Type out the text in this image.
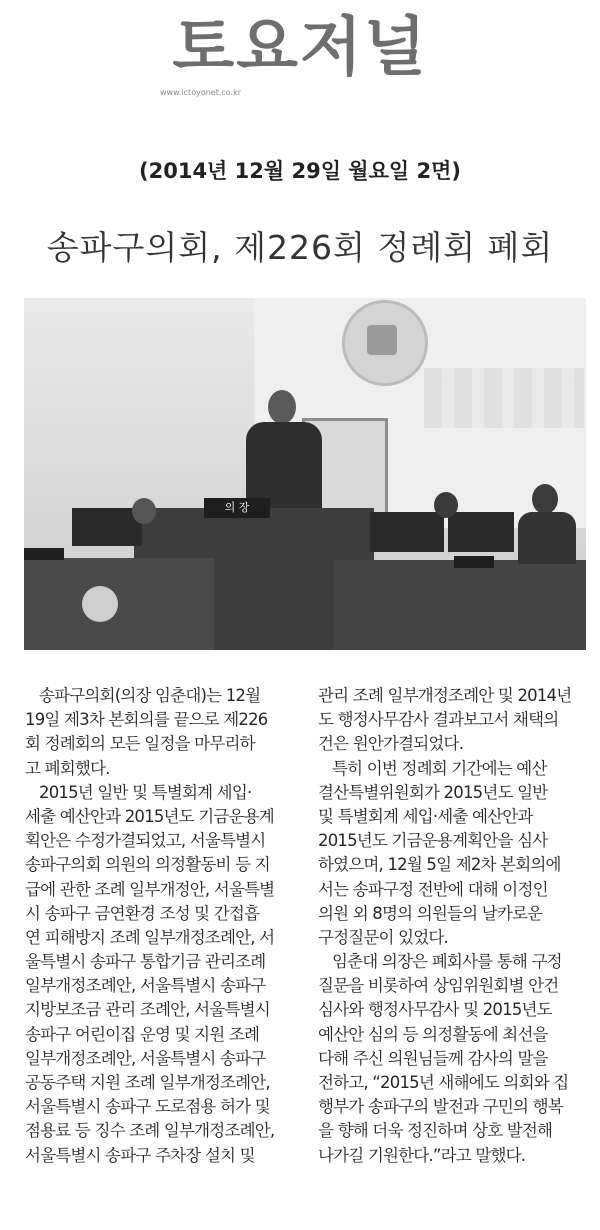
토요저널
www.ictoyonet.co.kr
(2014년 12월 29일 월요일 2면)
송파구의회, 제226회 정례회 폐회
의 장
송파구의회(의장 임춘대)는 12월
19일 제3차 본회의를 끝으로 제226
회 정례회의 모든 일정을 마무리하
고 폐회했다.
2015년 일반 및 특별회계 세입·
세출 예산안과 2015년도 기금운용계
획안은 수정가결되었고, 서울특별시
송파구의회 의원의 의정활동비 등 지
급에 관한 조례 일부개정안, 서울특별
시 송파구 금연환경 조성 및 간접흡
연 피해방지 조례 일부개정조례안, 서
울특별시 송파구 통합기금 관리조례
일부개정조례안, 서울특별시 송파구
지방보조금 관리 조례안, 서울특별시
송파구 어린이집 운영 및 지원 조례
일부개정조례안, 서울특별시 송파구
공동주택 지원 조례 일부개정조례안,
서울특별시 송파구 도로점용 허가 및
점용료 등 징수 조례 일부개정조례안,
서울특별시 송파구 주차장 설치 및
관리 조례 일부개정조례안 및 2014년
도 행정사무감사 결과보고서 채택의
건은 원안가결되었다.
특히 이번 정례회 기간에는 예산
결산특별위원회가 2015년도 일반
및 특별회계 세입·세출 예산안과
2015년도 기금운용계획안을 심사
하였으며, 12월 5일 제2차 본회의에
서는 송파구정 전반에 대해 이정인
의원 외 8명의 의원들의 날카로운
구정질문이 있었다.
임춘대 의장은 폐회사를 통해 구정
질문을 비롯하여 상임위원회별 안건
심사와 행정사무감사 및 2015년도
예산안 심의 등 의정활동에 최선을
다해 주신 의원님들께 감사의 말을
전하고, “2015년 새해에도 의회와 집
행부가 송파구의 발전과 구민의 행복
을 향해 더욱 정진하며 상호 발전해
나가길 기원한다.”라고 말했다.
